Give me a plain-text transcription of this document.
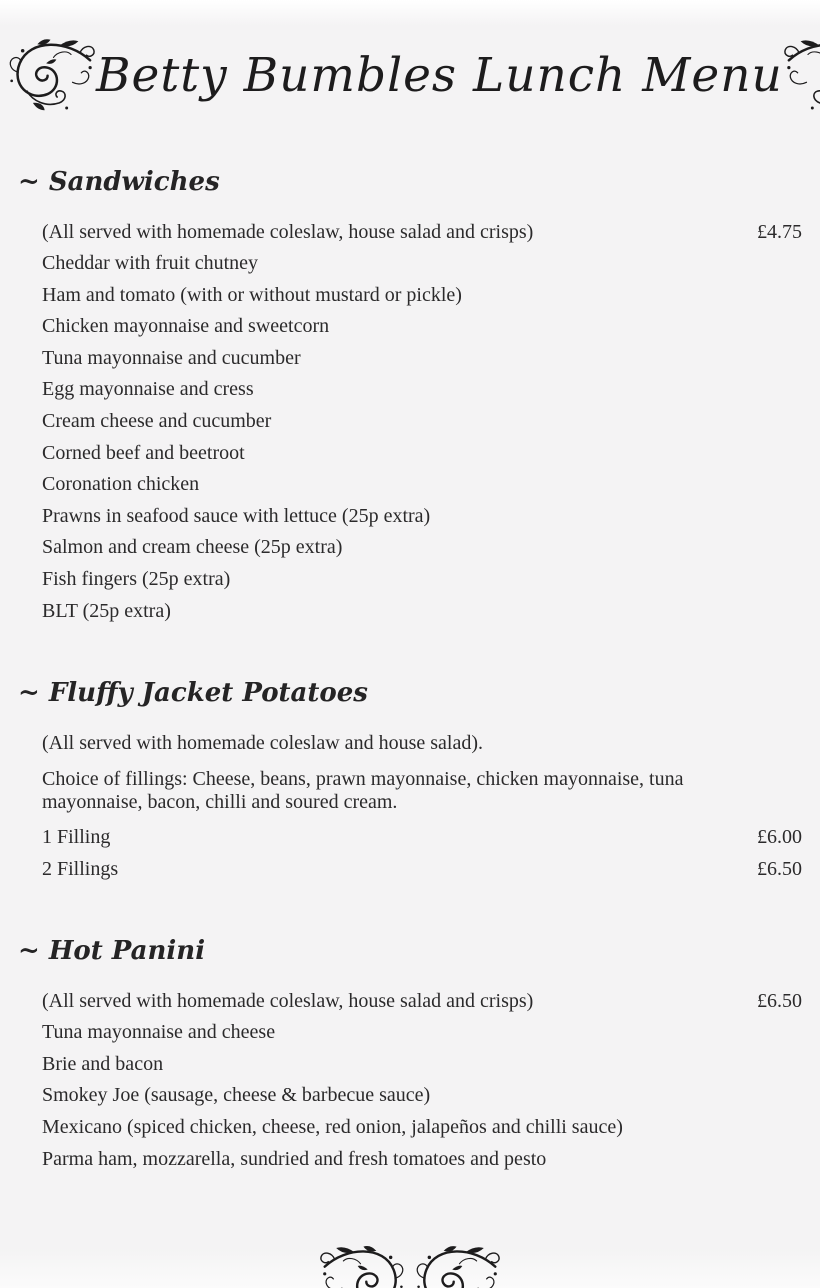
Betty Bumbles Lunch Menu
~ Sandwiches
(All served with homemade coleslaw, house salad and crisps)	£4.75
Cheddar with fruit chutney
Ham and tomato (with or without mustard or pickle)
Chicken mayonnaise and sweetcorn
Tuna mayonnaise and cucumber
Egg mayonnaise and cress
Cream cheese and cucumber
Corned beef and beetroot
Coronation chicken
Prawns in seafood sauce with lettuce (25p extra)
Salmon and cream cheese (25p extra)
Fish fingers (25p extra)
BLT (25p extra)
~ Fluffy Jacket Potatoes
(All served with homemade coleslaw and house salad).

Choice of fillings: Cheese, beans, prawn mayonnaise, chicken mayonnaise, tuna mayonnaise, bacon, chilli and soured cream.

1 Filling	£6.00
2 Fillings	£6.50
~ Hot Panini
(All served with homemade coleslaw, house salad and crisps)	£6.50
Tuna mayonnaise and cheese
Brie and bacon
Smokey Joe (sausage, cheese & barbecue sauce)
Mexicano (spiced chicken, cheese, red onion, jalapeños and chilli sauce)
Parma ham, mozzarella, sundried and fresh tomatoes and pesto
